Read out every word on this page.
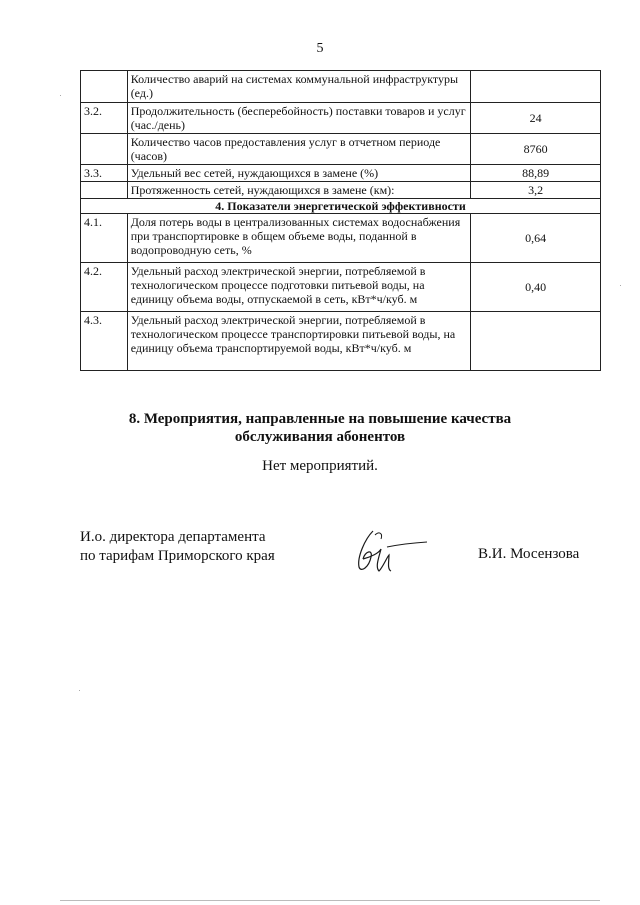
5
	Количество аварий на системах коммунальной инфраструктуры (ед.)	
3.2.	Продолжительность (бесперебойность) поставки товаров и услуг (час./день)	24
	Количество часов предоставления услуг в отчетном периоде (часов)	8760
3.3.	Удельный вес сетей, нуждающихся в замене (%)	88,89
	Протяженность сетей, нуждающихся в замене (км):	3,2
4. Показатели энергетической эффективности		
4.1.	Доля потерь воды в централизованных системах водоснабжения при транспортировке в общем объеме воды, поданной в водопроводную сеть, %	0,64
4.2.	Удельный расход электрической энергии, потребляемой в технологическом процессе подготовки питьевой воды, на единицу объема воды, отпускаемой в сеть, кВт*ч/куб. м	0,40
4.3.	Удельный расход электрической энергии, потребляемой в технологическом процессе транспортировки питьевой воды, на единицу объема транспортируемой воды, кВт*ч/куб. м	
8. Мероприятия, направленные на повышение качества
обслуживания абонентов
Нет мероприятий.
И.о. директора департамента
по тарифам Приморского края	В.И. Мосензова
